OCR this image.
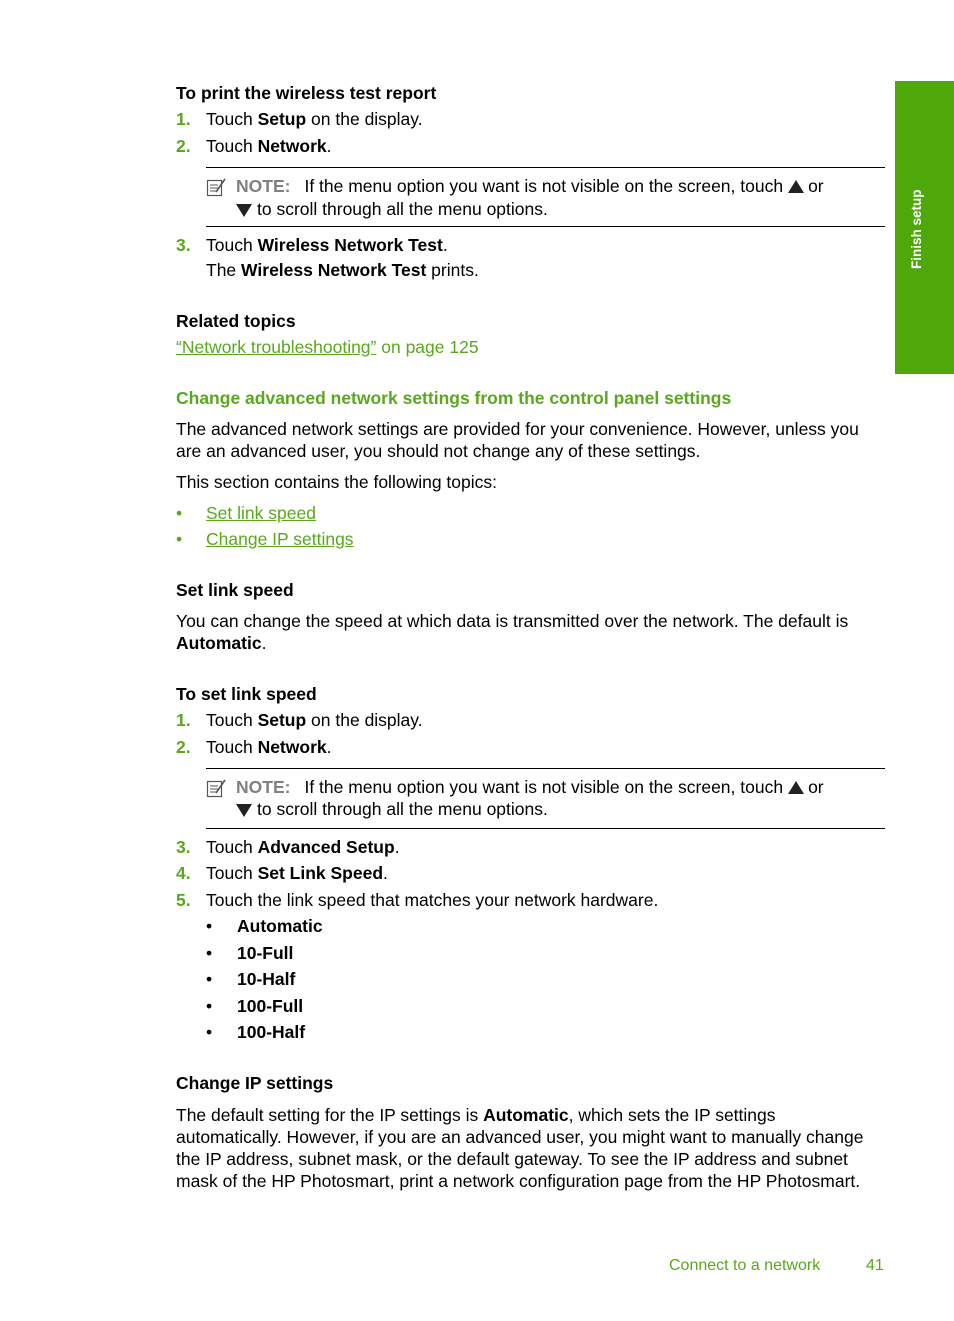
Finish setup
To print the wireless test report
1. Touch Setup on the display.
2. Touch Network.
NOTE: If the menu option you want is not visible on the screen, touch or
to scroll through all the menu options.
3. Touch Wireless Network Test.
The Wireless Network Test prints.
Related topics
“Network troubleshooting” on page 125
Change advanced network settings from the control panel settings
The advanced network settings are provided for your convenience. However, unless you
are an advanced user, you should not change any of these settings.
This section contains the following topics:
• Set link speed
• Change IP settings
Set link speed
You can change the speed at which data is transmitted over the network. The default is
Automatic.
To set link speed
1. Touch Setup on the display.
2. Touch Network.
NOTE: If the menu option you want is not visible on the screen, touch or
to scroll through all the menu options.
3. Touch Advanced Setup.
4. Touch Set Link Speed.
5. Touch the link speed that matches your network hardware.
• Automatic
• 10-Full
• 10-Half
• 100-Full
• 100-Half
Change IP settings
The default setting for the IP settings is Automatic, which sets the IP settings
automatically. However, if you are an advanced user, you might want to manually change
the IP address, subnet mask, or the default gateway. To see the IP address and subnet
mask of the HP Photosmart, print a network configuration page from the HP Photosmart.
Connect to a network	41
